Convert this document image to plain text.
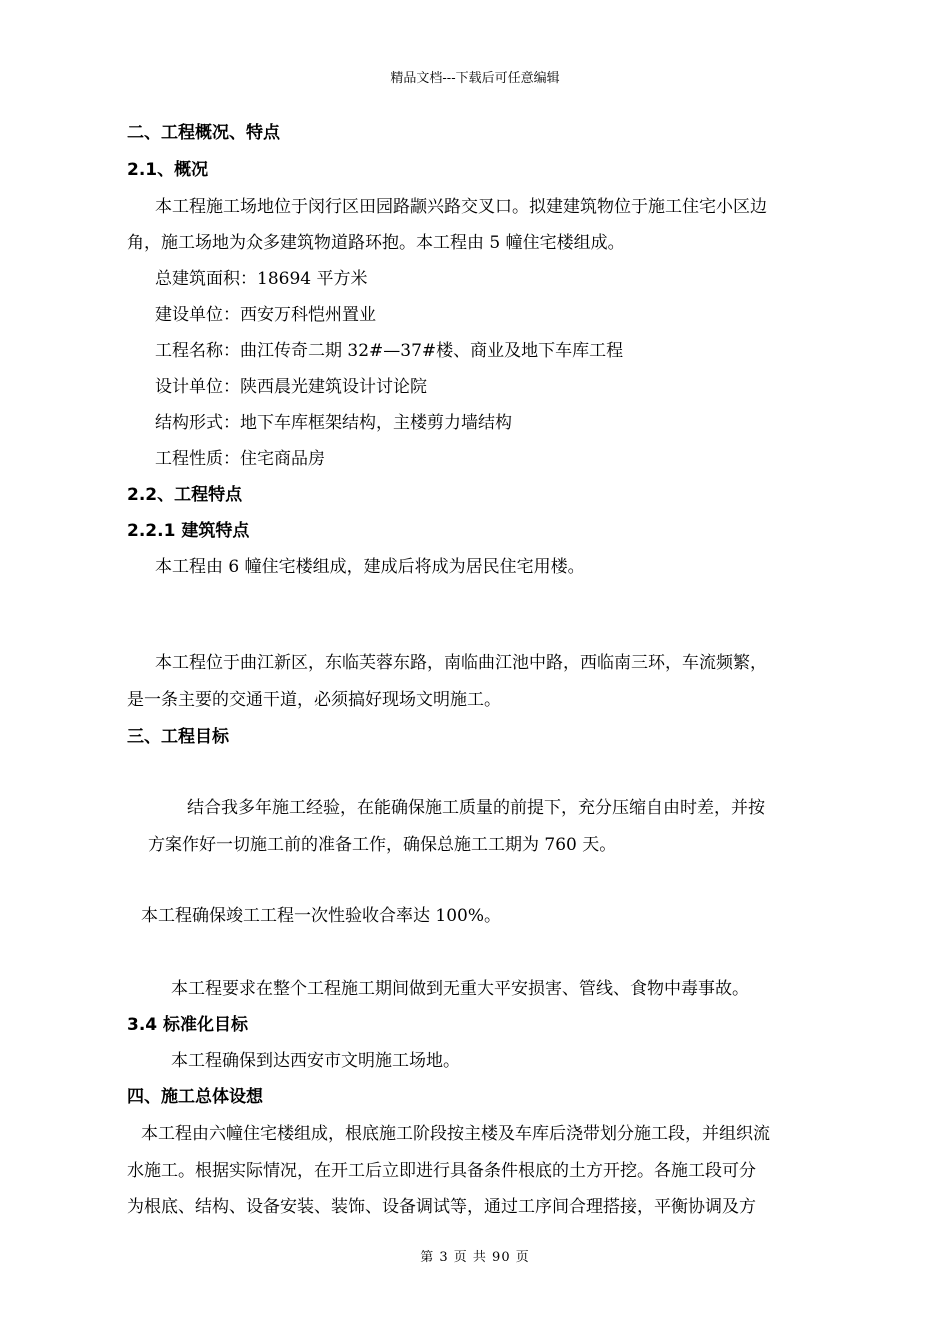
精品文档---下载后可任意编辑
二、工程概况、特点
2.1、概况
本工程施工场地位于闵行区田园路颛兴路交叉口。拟建建筑物位于施工住宅小区边
角，施工场地为众多建筑物道路环抱。本工程由 5 幢住宅楼组成。
总建筑面积：18694 平方米
建设单位：西安万科恺州置业
工程名称：曲江传奇二期 32#—37#楼、商业及地下车库工程
设计单位：陕西晨光建筑设计讨论院
结构形式：地下车库框架结构，主楼剪力墙结构
工程性质：住宅商品房
2.2、工程特点
2.2.1 建筑特点
本工程由 6 幢住宅楼组成，建成后将成为居民住宅用楼。
本工程位于曲江新区，东临芙蓉东路，南临曲江池中路，西临南三环，车流频繁，
是一条主要的交通干道，必须搞好现场文明施工。
三、工程目标
结合我多年施工经验，在能确保施工质量的前提下，充分压缩自由时差，并按
方案作好一切施工前的准备工作，确保总施工工期为 760 天。
本工程确保竣工工程一次性验收合率达 100%。
本工程要求在整个工程施工期间做到无重大平安损害、管线、食物中毒事故。
3.4 标准化目标
本工程确保到达西安市文明施工场地。
四、施工总体设想
本工程由六幢住宅楼组成，根底施工阶段按主楼及车库后浇带划分施工段，并组织流
水施工。根据实际情况，在开工后立即进行具备条件根底的土方开挖。各施工段可分
为根底、结构、设备安装、装饰、设备调试等，通过工序间合理搭接，平衡协调及方
第 3 页 共 90 页
